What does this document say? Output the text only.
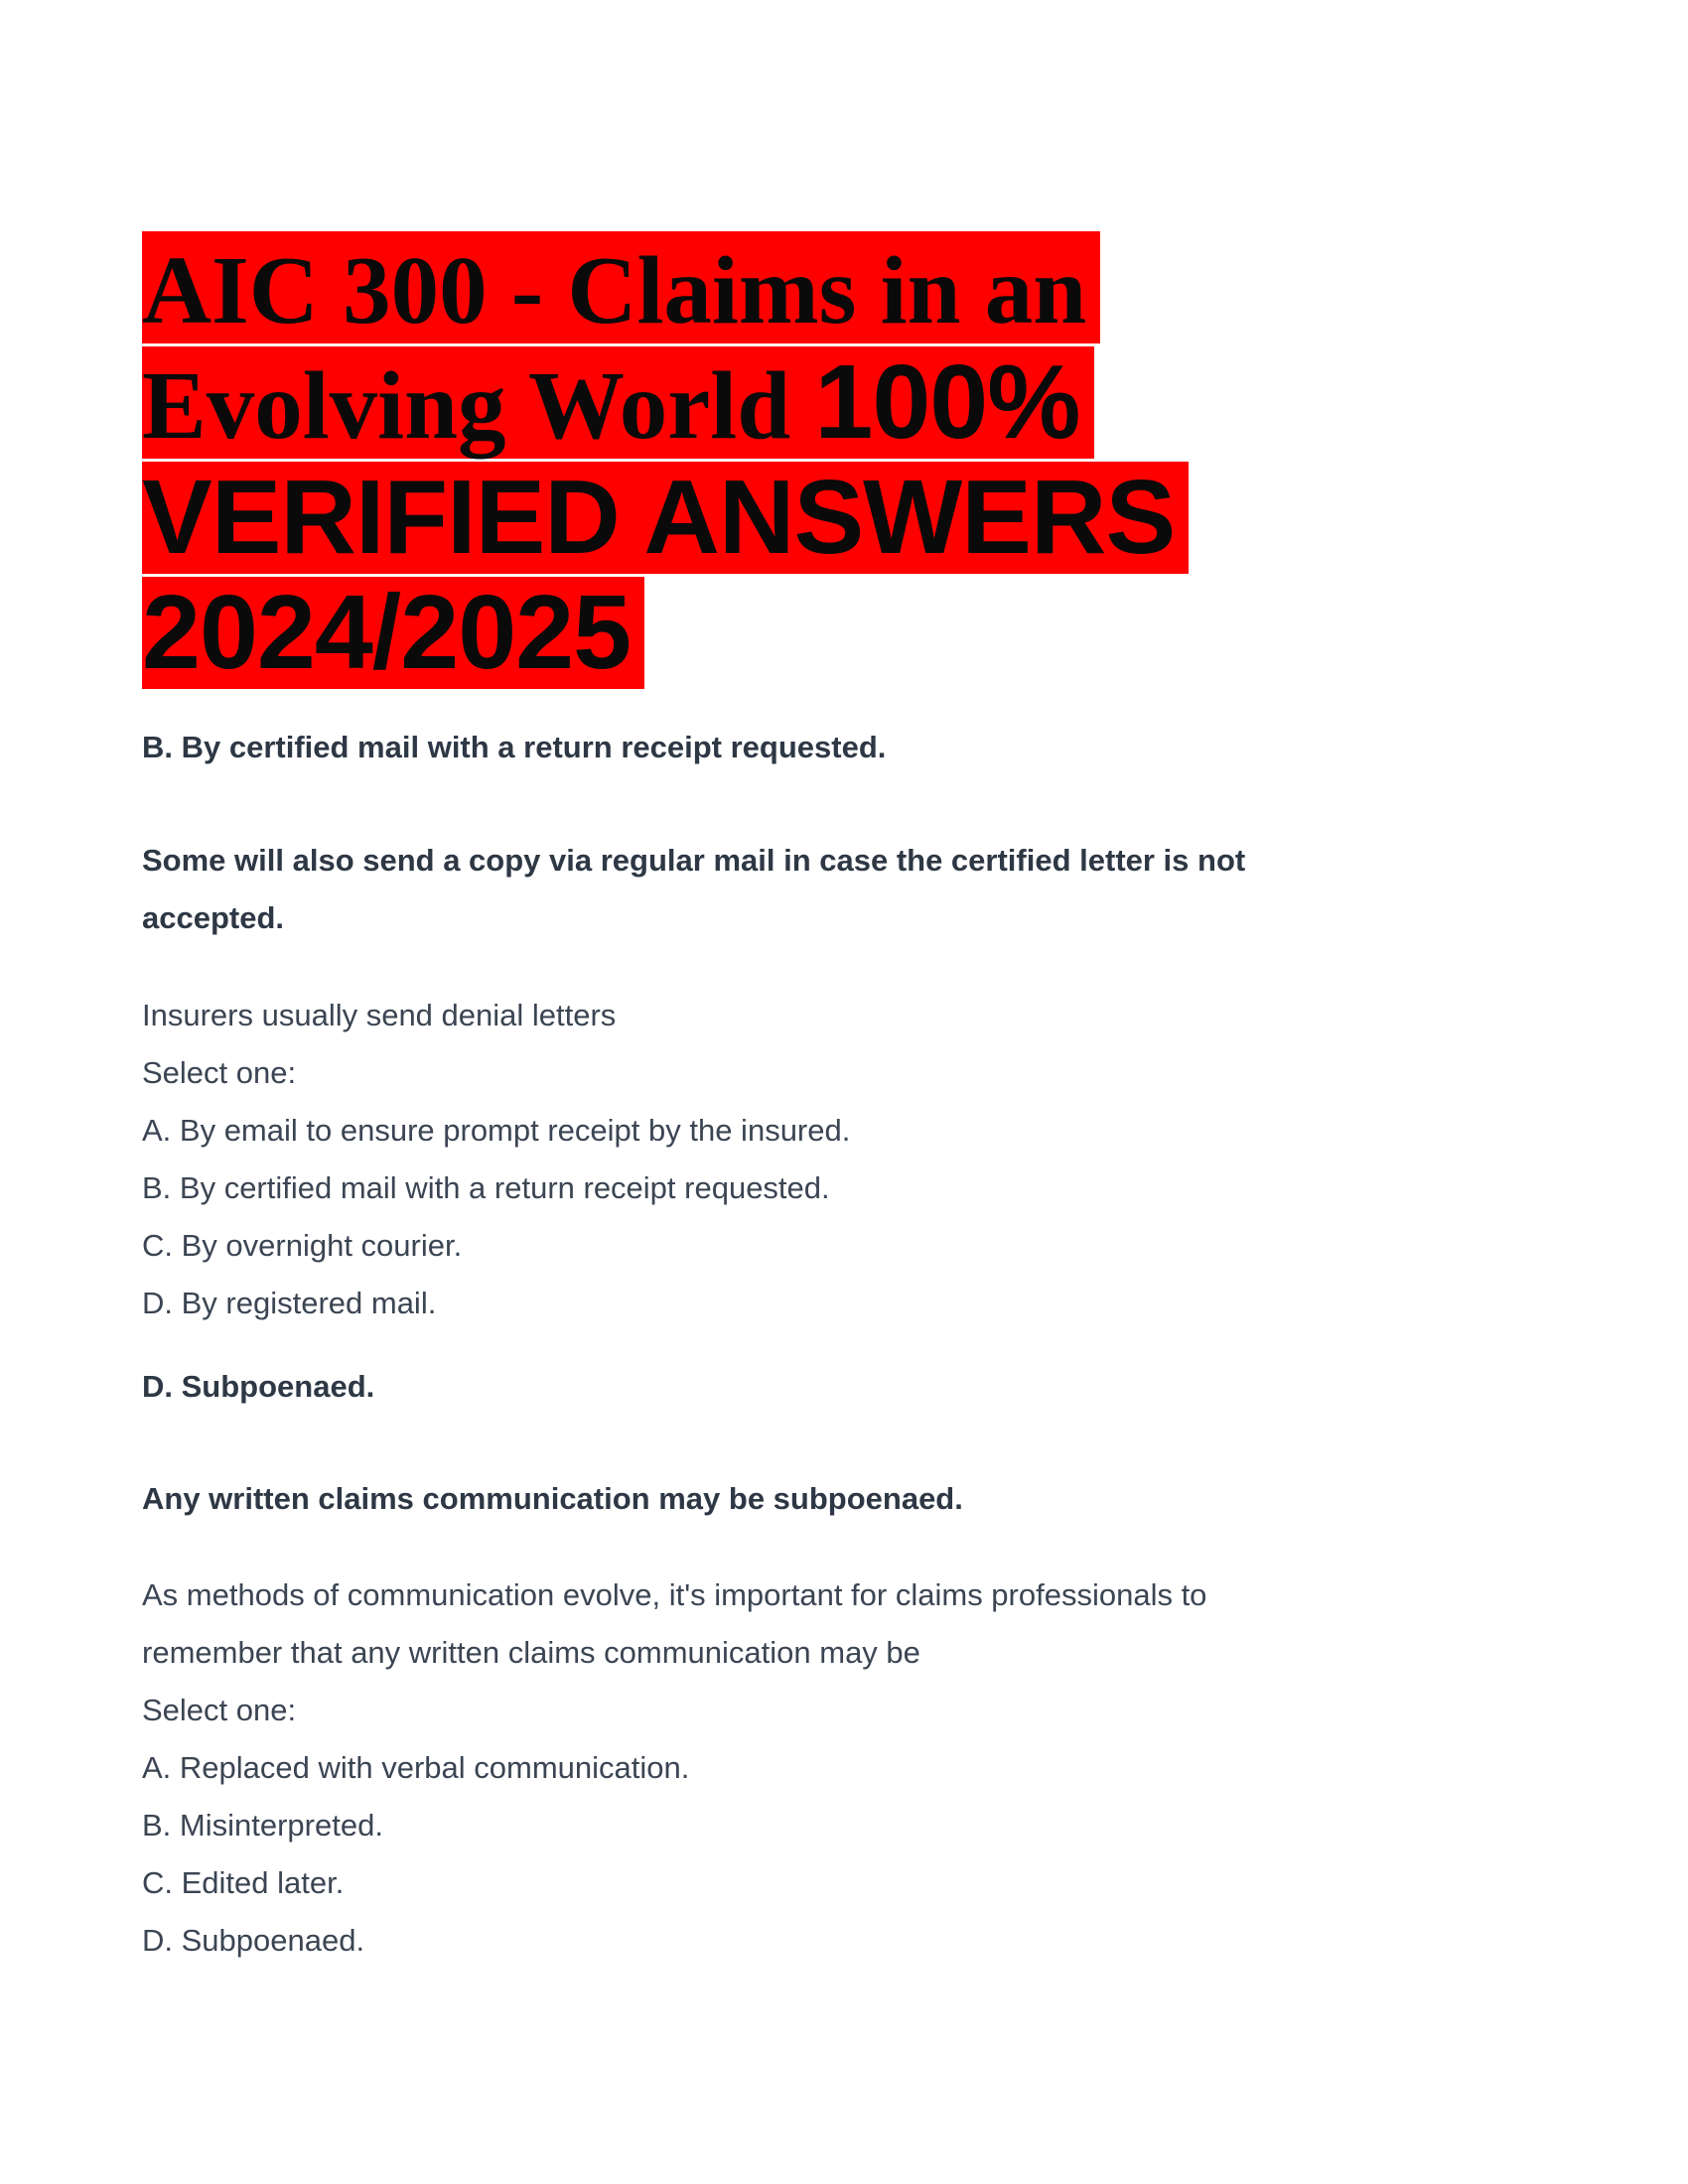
AIC 300 - Claims in an
Evolving World 100%
VERIFIED ANSWERS
2024/2025

B. By certified mail with a return receipt requested.

Some will also send a copy via regular mail in case the certified letter is not
accepted.

Insurers usually send denial letters
Select one:
A. By email to ensure prompt receipt by the insured.
B. By certified mail with a return receipt requested.
C. By overnight courier.
D. By registered mail.

D. Subpoenaed.

Any written claims communication may be subpoenaed.

As methods of communication evolve, it's important for claims professionals to
remember that any written claims communication may be
Select one:
A. Replaced with verbal communication.
B. Misinterpreted.
C. Edited later.
D. Subpoenaed.
